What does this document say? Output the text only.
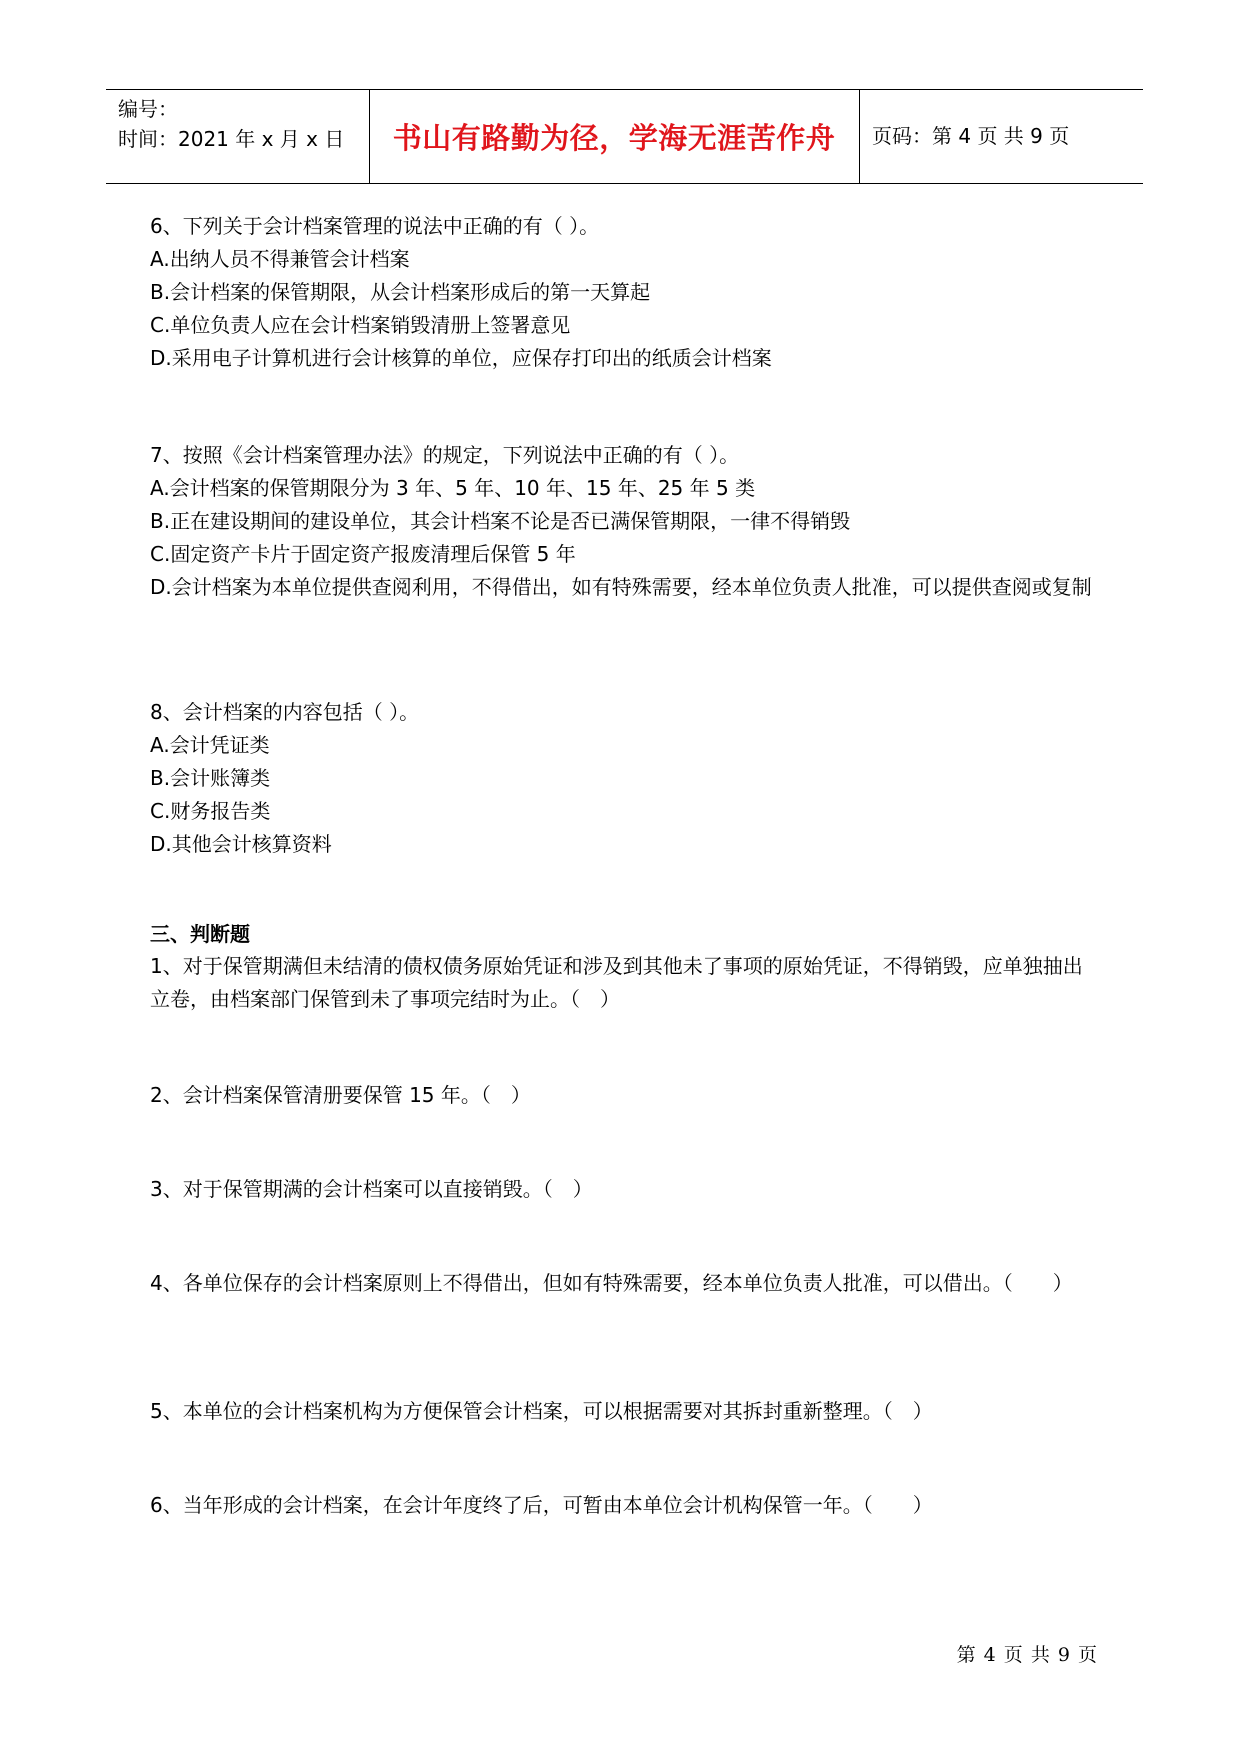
编号：
时间：2021 年 x 月 x 日	书山有路勤为径，学海无涯苦作舟	页码：第 4 页 共 9 页
6、下列关于会计档案管理的说法中正确的有（ ）。
A.出纳人员不得兼管会计档案
B.会计档案的保管期限，从会计档案形成后的第一天算起
C.单位负责人应在会计档案销毁清册上签署意见
D.采用电子计算机进行会计核算的单位，应保存打印出的纸质会计档案
7、按照《会计档案管理办法》的规定，下列说法中正确的有（ ）。
A.会计档案的保管期限分为 3 年、5 年、10 年、15 年、25 年 5 类
B.正在建设期间的建设单位，其会计档案不论是否已满保管期限，一律不得销毁
C.固定资产卡片于固定资产报废清理后保管 5 年
D.会计档案为本单位提供查阅利用，不得借出，如有特殊需要，经本单位负责人批准，可以提供查阅或复制
8、会计档案的内容包括（ ）。
A.会计凭证类
B.会计账簿类
C.财务报告类
D.其他会计核算资料
三、判断题
1、对于保管期满但未结清的债权债务原始凭证和涉及到其他未了事项的原始凭证，不得销毁，应单独抽出立卷，由档案部门保管到未了事项完结时为止。（　）
2、会计档案保管清册要保管 15 年。（　）
3、对于保管期满的会计档案可以直接销毁。（　）
4、各单位保存的会计档案原则上不得借出，但如有特殊需要，经本单位负责人批准，可以借出。（　　）
5、本单位的会计档案机构为方便保管会计档案，可以根据需要对其拆封重新整理。（　）
6、当年形成的会计档案，在会计年度终了后，可暂由本单位会计机构保管一年。（　　）
第 4 页 共 9 页
